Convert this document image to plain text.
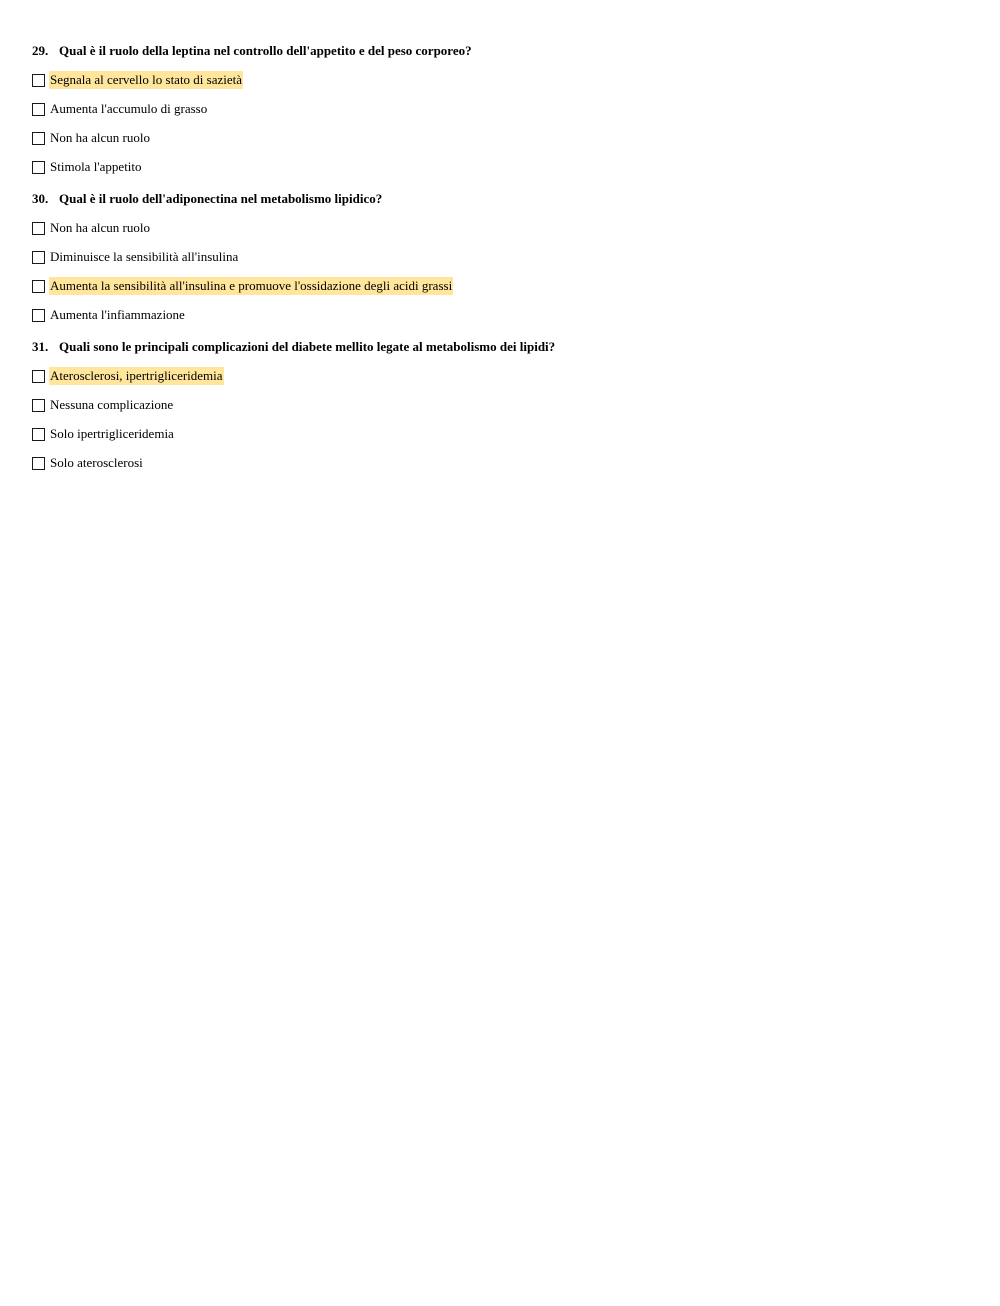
29. Qual è il ruolo della leptina nel controllo dell'appetito e del peso corporeo?
Segnala al cervello lo stato di sazietà
Aumenta l'accumulo di grasso
Non ha alcun ruolo
Stimola l'appetito
30. Qual è il ruolo dell'adiponectina nel metabolismo lipidico?
Non ha alcun ruolo
Diminuisce la sensibilità all'insulina
Aumenta la sensibilità all'insulina e promuove l'ossidazione degli acidi grassi
Aumenta l'infiammazione
31. Quali sono le principali complicazioni del diabete mellito legate al metabolismo dei lipidi?
Aterosclerosi, ipertrigliceridemia
Nessuna complicazione
Solo ipertrigliceridemia
Solo aterosclerosi
